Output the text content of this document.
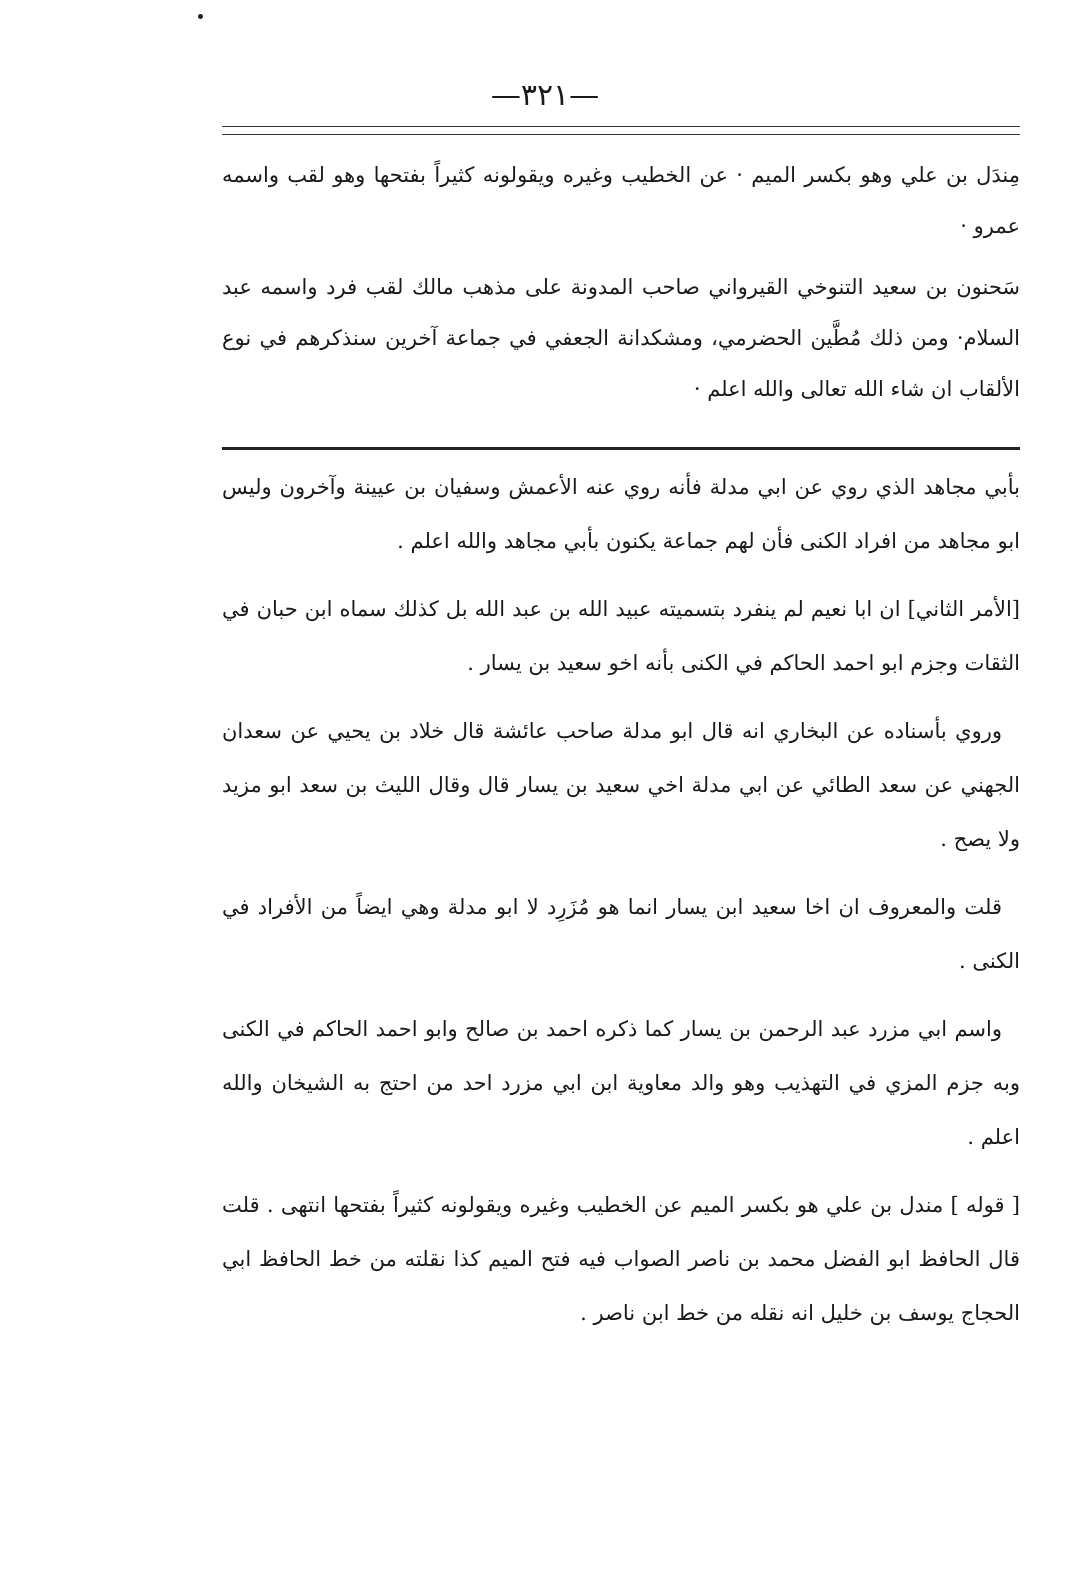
—٣٢١—

مِندَل بن علي وهو بكسر الميم · عن الخطيب وغيره ويقولونه كثيراً بفتحها وهو لقب واسمه عمرو ·

سَحنون بن سعيد التنوخي القيرواني صاحب المدونة على مذهب مالك لقب فرد واسمه عبد السلام· ومن ذلك مُطَّين الحضرمي، ومشكدانة الجعفي في جماعة آخرين سنذكرهم في نوع الألقاب ان شاء الله تعالى والله اعلم ·

بأبي مجاهد الذي روي عن ابي مدلة فأنه روي عنه الأعمش وسفيان بن عيينة وآخرون وليس ابو مجاهد من افراد الكنى فأن لهم جماعة يكنون بأبي مجاهد والله اعلم .

[الأمر الثاني] ان ابا نعيم لم ينفرد بتسميته عبيد الله بن عبد الله بل كذلك سماه ابن حبان في الثقات وجزم ابو احمد الحاكم في الكنى بأنه اخو سعيد بن يسار .

وروي بأسناده عن البخاري انه قال ابو مدلة صاحب عائشة قال خلاد بن يحيي عن سعدان الجهني عن سعد الطائي عن ابي مدلة اخي سعيد بن يسار قال وقال الليث بن سعد ابو مزيد ولا يصح .

قلت والمعروف ان اخا سعيد ابن يسار انما هو مُزَرِد لا ابو مدلة وهي ايضاً من الأفراد في الكنى .

واسم ابي مزرد عبد الرحمن بن يسار كما ذكره احمد بن صالح وابو احمد الحاكم في الكنى وبه جزم المزي في التهذيب وهو والد معاوية ابن ابي مزرد احد من احتج به الشيخان والله اعلم .

[ قوله ] مندل بن علي هو بكسر الميم عن الخطيب وغيره ويقولونه كثيراً بفتحها انتهى . قلت قال الحافظ ابو الفضل محمد بن ناصر الصواب فيه فتح الميم كذا نقلته من خط الحافظ ابي الحجاج يوسف بن خليل انه نقله من خط ابن ناصر .
